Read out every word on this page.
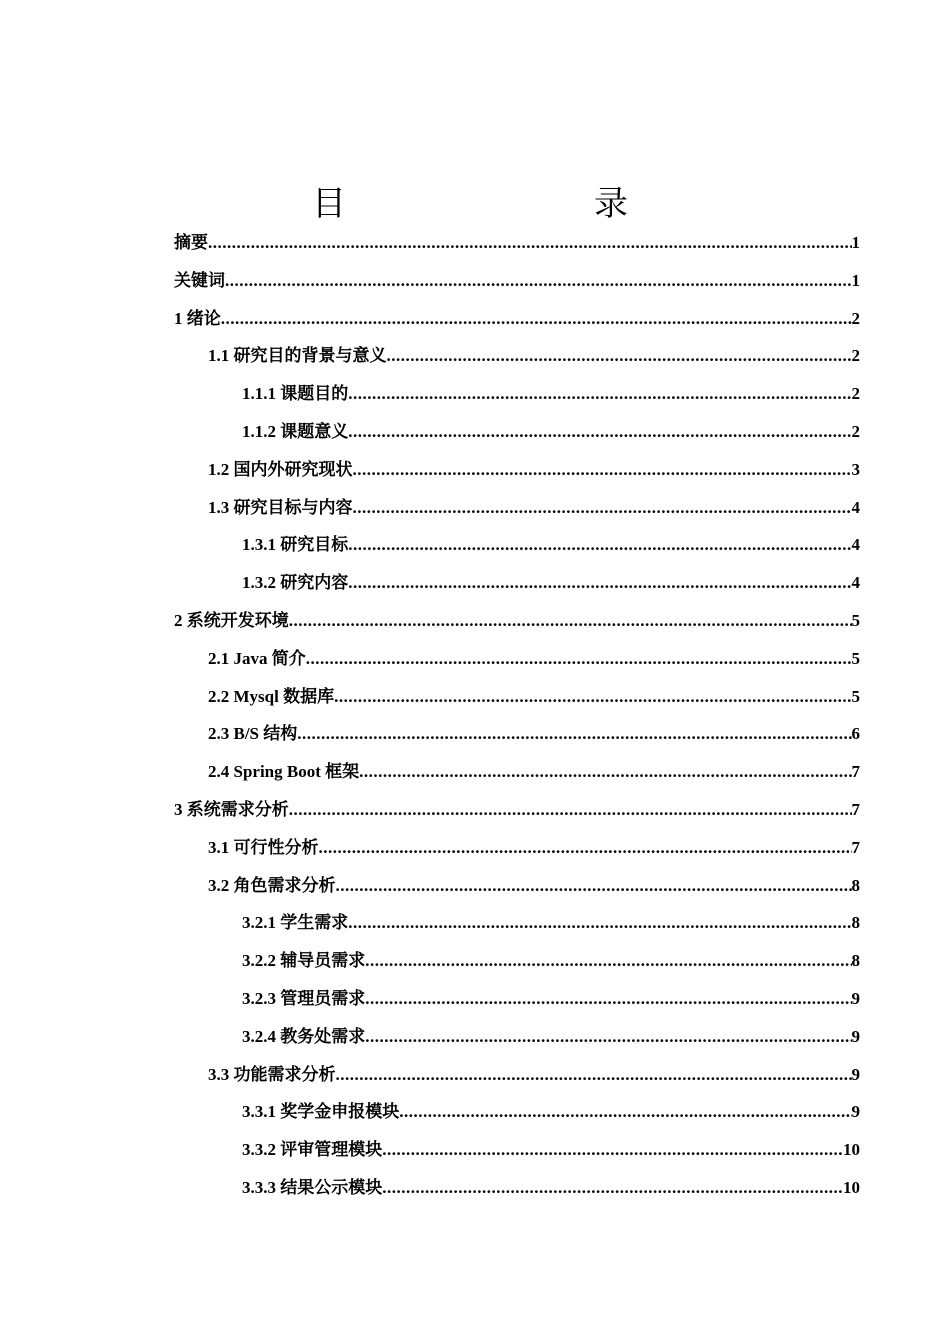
目　　录
摘要 .....	1
关键词 .....	1
1 绪论 .....	2
1.1 研究目的背景与意义 .....	2
1.1.1 课题目的 .....	2
1.1.2 课题意义 .....	2
1.2 国内外研究现状 .....	3
1.3 研究目标与内容 .....	4
1.3.1 研究目标 .....	4
1.3.2 研究内容 .....	4
2 系统开发环境 .....	5
2.1 Java 简介 .....	5
2.2 Mysql 数据库 .....	5
2.3 B/S 结构 .....	6
2.4 Spring Boot 框架 .....	7
3 系统需求分析 .....	7
3.1 可行性分析 .....	7
3.2 角色需求分析 .....	8
3.2.1 学生需求 .....	8
3.2.2 辅导员需求 .....	8
3.2.3 管理员需求 .....	9
3.2.4 教务处需求 .....	9
3.3 功能需求分析 .....	9
3.3.1 奖学金申报模块 .....	9
3.3.2 评审管理模块 .....	10
3.3.3 结果公示模块 .....	10
